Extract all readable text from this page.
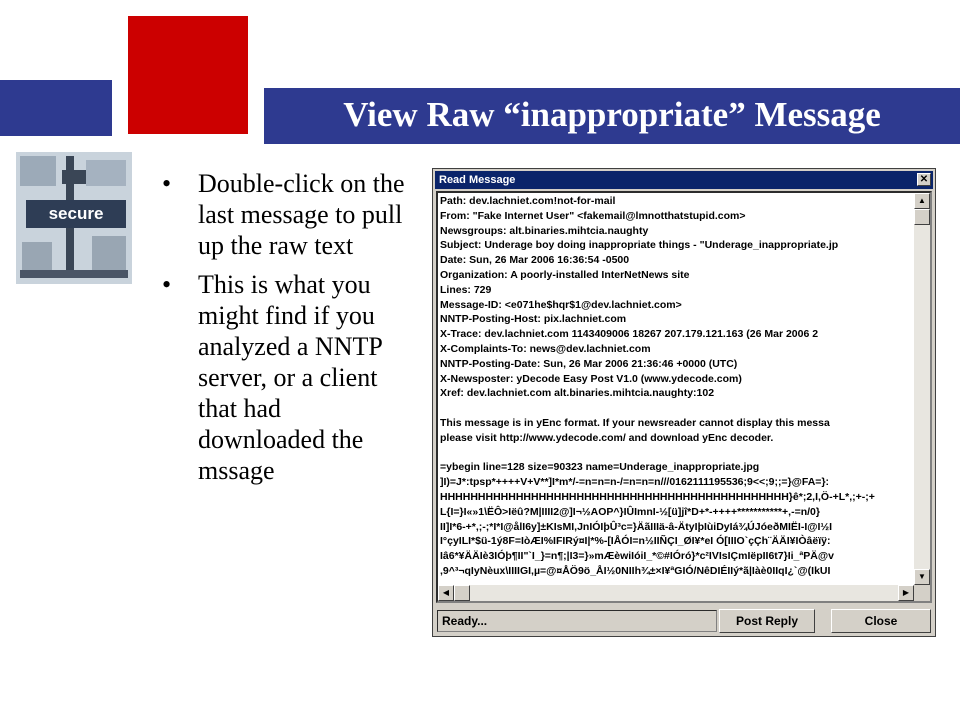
View Raw “inappropriate” Message
secure
• Double-click on the last message to pull up the raw text
• This is what you might find if you analyzed a NNTP server, or a client that had downloaded the mssage
Read Message	✕
Path: dev.lachniet.com!not-for-mail
From: "Fake Internet User" <fakemail@lmnotthatstupid.com>
Newsgroups: alt.binaries.mihtcia.naughty
Subject: Underage boy doing inappropriate things - "Underage_inappropriate.jp
Date: Sun, 26 Mar 2006 16:36:54 -0500
Organization: A poorly-installed InterNetNews site
Lines: 729
Message-ID: <e071he$hqr$1@dev.lachniet.com>
NNTP-Posting-Host: pix.lachniet.com
X-Trace: dev.lachniet.com 1143409006 18267 207.179.121.163 (26 Mar 2006 2
X-Complaints-To: news@dev.lachniet.com
NNTP-Posting-Date: Sun, 26 Mar 2006 21:36:46 +0000 (UTC)
X-Newsposter: yDecode Easy Post V1.0 (www.ydecode.com)
Xref: dev.lachniet.com alt.binaries.mihtcia.naughty:102
This message is in yEnc format. If your newsreader cannot display this messa
please visit http://www.ydecode.com/ and download yEnc decoder.
=ybegin line=128 size=90323 name=Underage_inappropriate.jpg
]I)=J*:tpsp*++++V+V**]I*m*/-=n=n=n-/=n=n=n///0162111195536;9<<;9;;=}@FA=}:
HHHHHHHHHHHHHHHHHHHHHHHHHHHHHHHHHHHHHHHHHHHHHH}ê*;2,I,Ö-+L*,;+-;+
L{I=}I«»1\ËÔ>Iëû?M|IIII2@]I¬½AOP^}IÛImnI-½[ü]jî*D+*-++++***********+,-=n/0}
II]I*6-+*,;-;*I*I@ålI6y]±KIsMI,JnIÓIþÛ³c=}ÄãIIIä-â-ÄtyIþIùiDyIá¾ÚJóeðMIËI-I@I½I
I°çyILI*$ü-1ý8F=IòÆI%IFIRý¤I|*%-[IÅÓI=n½IIÑÇI_ØI¥*eI Ó[IIIO`çÇh¨ÄÄI¥IÒâëïÿ:
Iâ6*¥ÄÄIè3IÓþ¶II"`I_}=n¶;|I3=}»mÆèwiIóiI_*©#IÓró}*c²IVIsIÇmIëpII6t7}Ii_ªPÄ@v
,9^³¬qIyNèux\IIIIGI,µ=@¤ÅÖ9ö_ÅI½0NIIh¾±×I¥ªGIÓ/NêDIÉIIý*ã|Iàè0IIqI¿`@(IkUI
▲
▼
◀	▶
Ready...	Post Reply	Close
